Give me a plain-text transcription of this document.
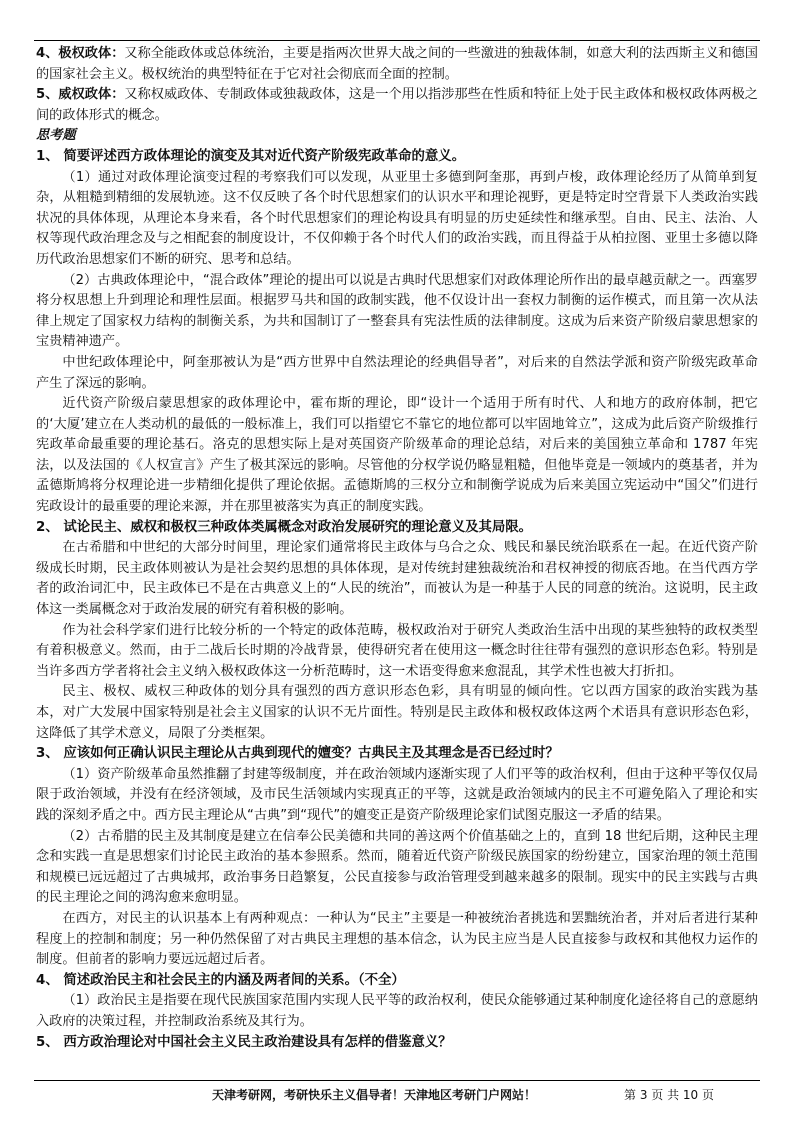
4、极权政体：又称全能政体或总体统治，主要是指两次世界大战之间的一些激进的独裁体制，如意大利的法西斯主义和德国的国家社会主义。极权统治的典型特征在于它对社会彻底而全面的控制。

5、威权政体：又称权威政体、专制政体或独裁政体，这是一个用以指涉那些在性质和特征上处于民主政体和极权政体两极之间的政体形式的概念。

思考题

1、 简要评述西方政体理论的演变及其对近代资产阶级宪政革命的意义。

（1）通过对政体理论演变过程的考察我们可以发现，从亚里士多德到阿奎那，再到卢梭，政体理论经历了从简单到复杂，从粗糙到精细的发展轨迹。这不仅反映了各个时代思想家们的认识水平和理论视野，更是特定时空背景下人类政治实践状况的具体体现，从理论本身来看，各个时代思想家们的理论构设具有明显的历史延续性和继承型。自由、民主、法治、人权等现代政治理念及与之相配套的制度设计，不仅仰赖于各个时代人们的政治实践，而且得益于从柏拉图、亚里士多德以降历代政治思想家们不断的研究、思考和总结。

（2）古典政体理论中，“混合政体”理论的提出可以说是古典时代思想家们对政体理论所作出的最卓越贡献之一。西塞罗将分权思想上升到理论和理性层面。根据罗马共和国的政制实践，他不仅设计出一套权力制衡的运作模式，而且第一次从法律上规定了国家权力结构的制衡关系，为共和国制订了一整套具有宪法性质的法律制度。这成为后来资产阶级启蒙思想家的宝贵精神遗产。

中世纪政体理论中，阿奎那被认为是“西方世界中自然法理论的经典倡导者”，对后来的自然法学派和资产阶级宪政革命产生了深远的影响。

近代资产阶级启蒙思想家的政体理论中，霍布斯的理论，即“设计一个适用于所有时代、人和地方的政府体制，把它的‘大厦’建立在人类动机的最低的一般标准上，我们可以指望它不靠它的地位都可以牢固地耸立”，这成为此后资产阶级推行宪政革命最重要的理论基石。洛克的思想实际上是对英国资产阶级革命的理论总结，对后来的美国独立革命和 1787 年宪法，以及法国的《人权宣言》产生了极其深远的影响。尽管他的分权学说仍略显粗糙，但他毕竟是一领域内的奠基者，并为孟德斯鸠将分权理论进一步精细化提供了理论依据。孟德斯鸠的三权分立和制衡学说成为后来美国立宪运动中“国父”们进行宪政设计的最重要的理论来源，并在那里被落实为真正的制度实践。

2、 试论民主、威权和极权三种政体类属概念对政治发展研究的理论意义及其局限。

在古希腊和中世纪的大部分时间里，理论家们通常将民主政体与乌合之众、贱民和暴民统治联系在一起。在近代资产阶级成长时期，民主政体则被认为是社会契约思想的具体体现，是对传统封建独裁统治和君权神授的彻底否地。在当代西方学者的政治词汇中，民主政体已不是在古典意义上的“人民的统治”，而被认为是一种基于人民的同意的统治。这说明，民主政体这一类属概念对于政治发展的研究有着积极的影响。

作为社会科学家们进行比较分析的一个特定的政体范畴，极权政治对于研究人类政治生活中出现的某些独特的政权类型有着积极意义。然而，由于二战后长时期的冷战背景，使得研究者在使用这一概念时往往带有强烈的意识形态色彩。特别是当许多西方学者将社会主义纳入极权政体这一分析范畴时，这一术语变得愈来愈混乱，其学术性也被大打折扣。

民主、极权、威权三种政体的划分具有强烈的西方意识形态色彩，具有明显的倾向性。它以西方国家的政治实践为基本，对广大发展中国家特别是社会主义国家的认识不无片面性。特别是民主政体和极权政体这两个术语具有意识形态色彩，这降低了其学术意义，局限了分类框架。

3、 应该如何正确认识民主理论从古典到现代的嬗变？古典民主及其理念是否已经过时？

（1）资产阶级革命虽然推翻了封建等级制度，并在政治领域内逐渐实现了人们平等的政治权利，但由于这种平等仅仅局限于政治领域，并没有在经济领域，及市民生活领域内实现真正的平等，这就是政治领域内的民主不可避免陷入了理论和实践的深刻矛盾之中。西方民主理论从“古典”到“现代”的嬗变正是资产阶级理论家们试图克服这一矛盾的结果。

（2）古希腊的民主及其制度是建立在信奉公民美德和共同的善这两个价值基础之上的，直到 18 世纪后期，这种民主理念和实践一直是思想家们讨论民主政治的基本参照系。然而，随着近代资产阶级民族国家的纷纷建立，国家治理的领土范围和规模已远远超过了古典城邦，政治事务日趋繁复，公民直接参与政治管理受到越来越多的限制。现实中的民主实践与古典的民主理论之间的鸿沟愈来愈明显。

在西方，对民主的认识基本上有两种观点：一种认为“民主”主要是一种被统治者挑选和罢黜统治者，并对后者进行某种程度上的控制和制度；另一种仍然保留了对古典民主理想的基本信念，认为民主应当是人民直接参与政权和其他权力运作的制度。但前者的影响力要远远超过后者。

4、 简述政治民主和社会民主的内涵及两者间的关系。（不全）

（1）政治民主是指要在现代民族国家范围内实现人民平等的政治权利，使民众能够通过某种制度化途径将自己的意愿纳入政府的决策过程，并控制政治系统及其行为。

5、 西方政治理论对中国社会主义民主政治建设具有怎样的借鉴意义？

天津考研网，考研快乐主义倡导者！天津地区考研门户网站！	第 3 页 共 10 页
